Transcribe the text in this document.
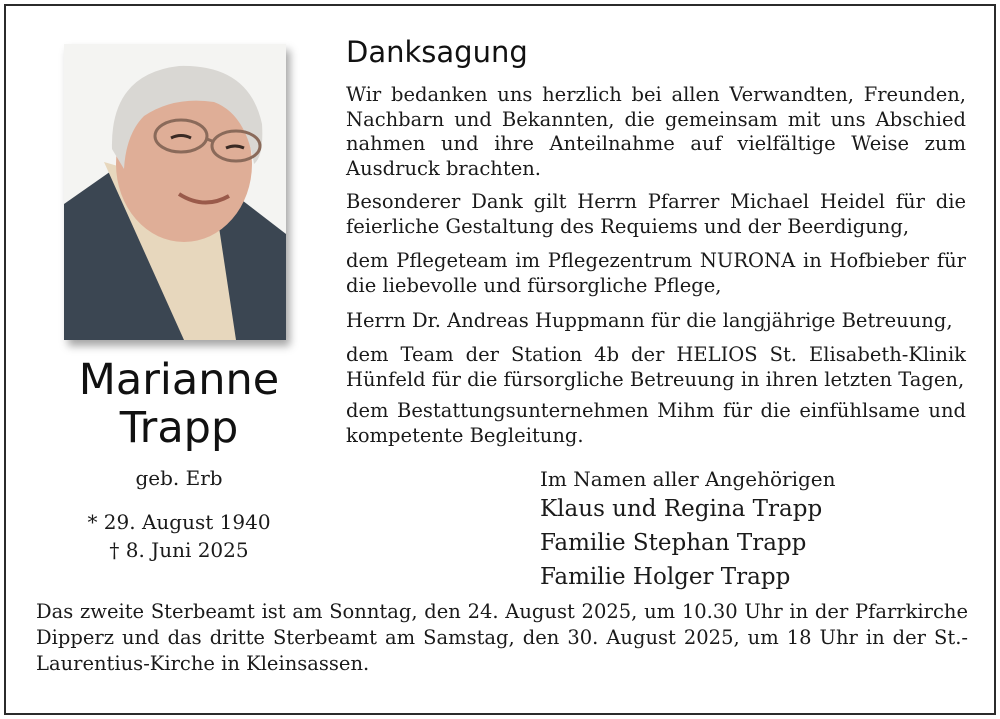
Marianne
Trapp
geb. Erb
* 29. August 1940
† 8. Juni 2025
Danksagung
Wir bedanken uns herzlich bei allen Verwandten, Freunden, Nachbarn und Bekannten, die gemeinsam mit uns Abschied nahmen und ihre Anteilnahme auf vielfältige Weise zum Ausdruck brachten.
Besonderer Dank gilt Herrn Pfarrer Michael Heidel für die feierliche Gestaltung des Requiems und der Beerdigung,
dem Pflegeteam im Pflegezentrum NURONA in Hofbieber für die liebevolle und fürsorgliche Pflege,
Herrn Dr. Andreas Huppmann für die langjährige Betreuung,
dem Team der Station 4b der HELIOS St. Elisabeth-Klinik Hünfeld für die fürsorgliche Betreuung in ihren letzten Tagen,
dem Bestattungsunternehmen Mihm für die einfühlsame und kompetente Begleitung.
Im Namen aller Angehörigen
Klaus und Regina Trapp
Familie Stephan Trapp
Familie Holger Trapp
Das zweite Sterbeamt ist am Sonntag, den 24. August 2025, um 10.30 Uhr in der Pfarrkirche Dipperz und das dritte Sterbeamt am Samstag, den 30. August 2025, um 18 Uhr in der St.-Laurentius-Kirche in Kleinsassen.
